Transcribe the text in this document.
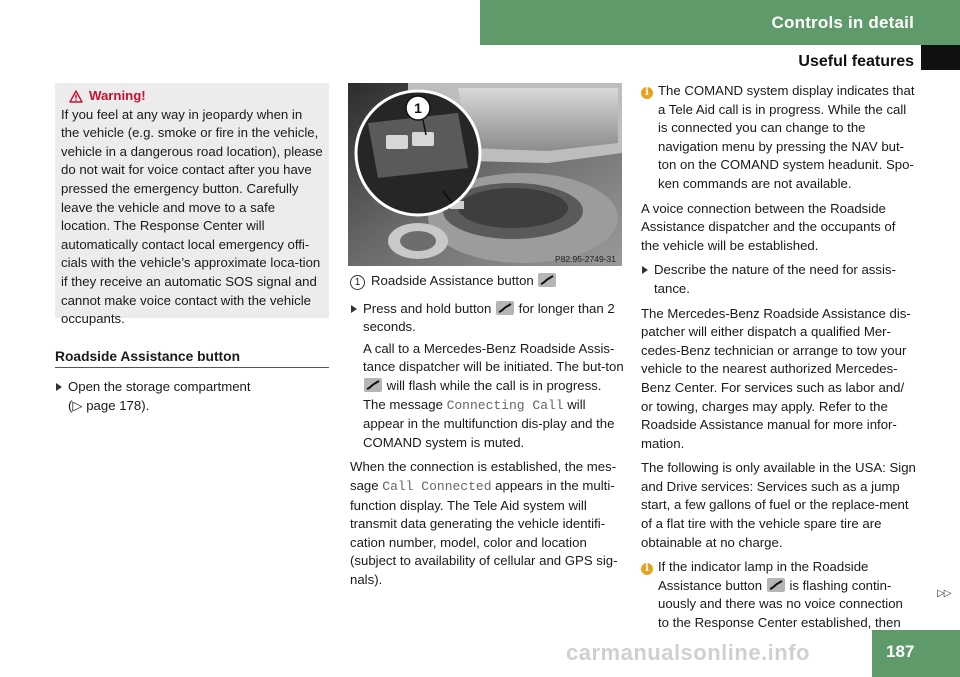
Controls in detail
Useful features
Warning!
If you feel at any way in jeopardy when in the vehicle (e.g. smoke or fire in the vehicle, vehicle in a dangerous road location), please do not wait for voice contact after you have pressed the emergency button. Carefully leave the vehicle and move to a safe location. The Response Center will automatically contact local emergency offi-cials with the vehicle’s approximate loca-tion if they receive an automatic SOS signal and cannot make voice contact with the vehicle occupants.
Roadside Assistance button
Open the storage compartment
(▷ page 178).
1
P82.95-2749-31

1 Roadside Assistance button

Press and hold button for longer than 2 seconds.

A call to a Mercedes-Benz Roadside Assis-tance dispatcher will be initiated. The but-ton
will flash while the call is in progress. The message Connecting Call will appear in the multifunction dis-play and the COMAND system is muted.

When the connection is established, the mes-sage Call Connected appears in the multi-function display. The Tele Aid system will transmit data generating the vehicle identifi-cation number, model, color and location (subject to availability of cellular and GPS sig-nals).

i The COMAND system display indicates that a Tele Aid call is in progress. While the call is connected you can change to the navigation menu by pressing the NAV but-ton on the COMAND system headunit. Spo-ken commands are not available.

A voice connection between the Roadside Assistance dispatcher and the occupants of the vehicle will be established.

Describe the nature of the need for assis-tance.

The Mercedes-Benz Roadside Assistance dis-patcher will either dispatch a qualified Mer-cedes-Benz technician or arrange to tow your vehicle to the nearest authorized Mercedes-Benz Center. For services such as labor and/ or towing, charges may apply. Refer to the Roadside Assistance manual for more infor-mation.

The following is only available in the USA: Sign and Drive services: Services such as a jump start, a few gallons of fuel or the replace-ment of a flat tire with the vehicle spare tire are obtainable at no charge.

i If the indicator lamp in the Roadside Assistance button is flashing contin-uously and there was no voice connection to the Response Center established, then

▷▷
carmanualsonline.info	187
